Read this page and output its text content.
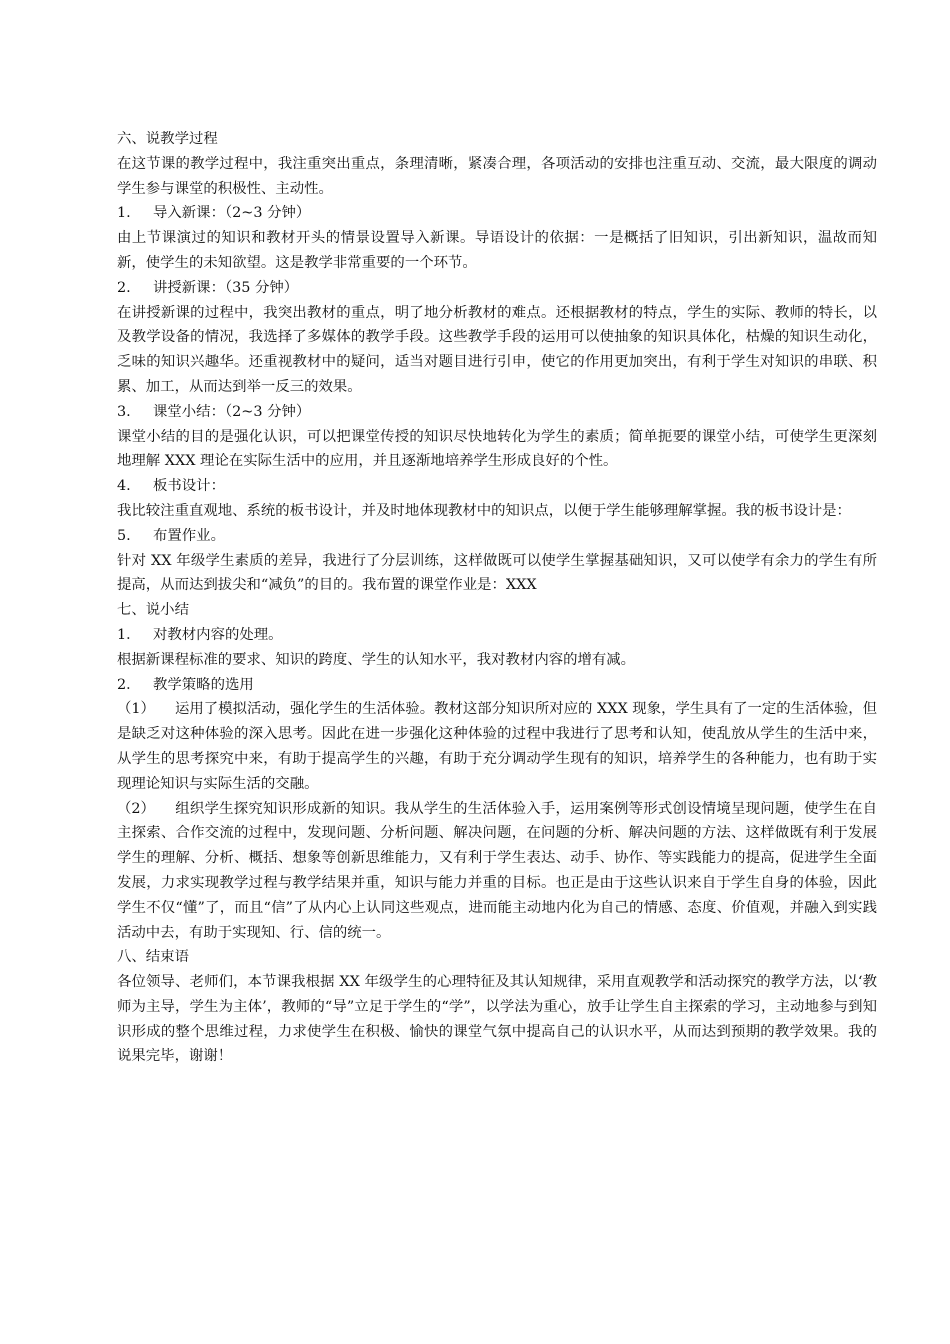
六、说教学过程

在这节课的教学过程中，我注重突出重点，条理清晰，紧凑合理，各项活动的安排也注重互动、交流，最大限度的调动学生参与课堂的积极性、主动性。

1. 导入新课：（2~3 分钟）

由上节课演过的知识和教材开头的情景设置导入新课。导语设计的依据：一是概括了旧知识，引出新知识，温故而知新，使学生的未知欲望。这是教学非常重要的一个环节。

2. 讲授新课：（35 分钟）

在讲授新课的过程中，我突出教材的重点，明了地分析教材的难点。还根据教材的特点，学生的实际、教师的特长，以及教学设备的情况，我选择了多媒体的教学手段。这些教学手段的运用可以使抽象的知识具体化，枯燥的知识生动化，乏味的知识兴趣华。还重视教材中的疑问，适当对题目进行引申，使它的作用更加突出，有利于学生对知识的串联、积累、加工，从而达到举一反三的效果。

3. 课堂小结：（2~3 分钟）

课堂小结的目的是强化认识，可以把课堂传授的知识尽快地转化为学生的素质；简单扼要的课堂小结，可使学生更深刻地理解 XXX 理论在实际生活中的应用，并且逐渐地培养学生形成良好的个性。

4. 板书设计：

我比较注重直观地、系统的板书设计，并及时地体现教材中的知识点，以便于学生能够理解掌握。我的板书设计是：

5. 布置作业。

针对 XX 年级学生素质的差异，我进行了分层训练，这样做既可以使学生掌握基础知识，又可以使学有余力的学生有所提高，从而达到拔尖和“减负”的目的。我布置的课堂作业是：XXX

七、说小结

1． 对教材内容的处理。

根据新课程标准的要求、知识的跨度、学生的认知水平，我对教材内容的增有减。

2． 教学策略的选用

（1） 运用了模拟活动，强化学生的生活体验。教材这部分知识所对应的 XXX 现象，学生具有了一定的生活体验，但是缺乏对这种体验的深入思考。因此在进一步强化这种体验的过程中我进行了思考和认知，使乱放从学生的生活中来，从学生的思考探究中来，有助于提高学生的兴趣，有助于充分调动学生现有的知识，培养学生的各种能力，也有助于实现理论知识与实际生活的交融。

（2） 组织学生探究知识形成新的知识。我从学生的生活体验入手，运用案例等形式创设情境呈现问题，使学生在自主探索、合作交流的过程中，发现问题、分析问题、解决问题，在问题的分析、解决问题的方法、这样做既有利于发展学生的理解、分析、概括、想象等创新思维能力，又有利于学生表达、动手、协作、等实践能力的提高，促进学生全面发展，力求实现教学过程与教学结果并重，知识与能力并重的目标。也正是由于这些认识来自于学生自身的体验，因此学生不仅“懂”了，而且“信”了从内心上认同这些观点，进而能主动地内化为自己的情感、态度、价值观，并融入到实践活动中去，有助于实现知、行、信的统一。

八、结束语

各位领导、老师们，本节课我根据 XX 年级学生的心理特征及其认知规律，采用直观教学和活动探究的教学方法，以‘教师为主导，学生为主体’，教师的“导”立足于学生的“学”，以学法为重心，放手让学生自主探索的学习，主动地参与到知识形成的整个思维过程，力求使学生在积极、愉快的课堂气氛中提高自己的认识水平，从而达到预期的教学效果。我的说果完毕，谢谢！
